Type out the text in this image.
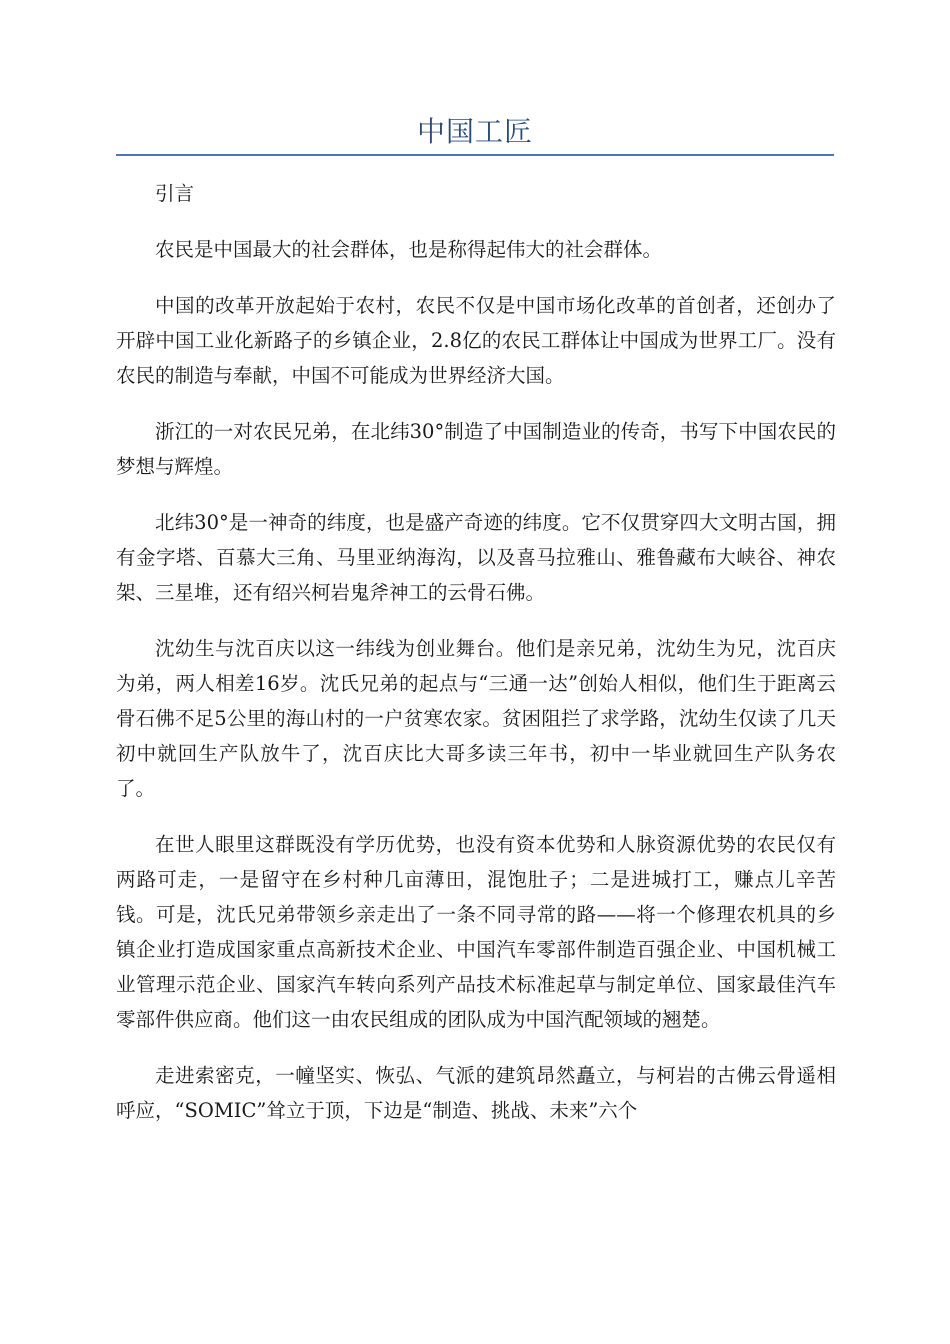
中国工匠

引言

农民是中国最大的社会群体，也是称得起伟大的社会群体。

中国的改革开放起始于农村，农民不仅是中国市场化改革的首创者，还创办了开辟中国工业化新路子的乡镇企业，2.8亿的农民工群体让中国成为世界工厂。没有农民的制造与奉献，中国不可能成为世界经济大国。

浙江的一对农民兄弟，在北纬30°制造了中国制造业的传奇，书写下中国农民的梦想与辉煌。

北纬30°是一神奇的纬度，也是盛产奇迹的纬度。它不仅贯穿四大文明古国，拥有金字塔、百慕大三角、马里亚纳海沟，以及喜马拉雅山、雅鲁藏布大峡谷、神农架、三星堆，还有绍兴柯岩鬼斧神工的云骨石佛。

沈幼生与沈百庆以这一纬线为创业舞台。他们是亲兄弟，沈幼生为兄，沈百庆为弟，两人相差16岁。沈氏兄弟的起点与“三通一达”创始人相似，他们生于距离云骨石佛不足5公里的海山村的一户贫寒农家。贫困阻拦了求学路，沈幼生仅读了几天初中就回生产队放牛了，沈百庆比大哥多读三年书，初中一毕业就回生产队务农了。

在世人眼里这群既没有学历优势，也没有资本优势和人脉资源优势的农民仅有两路可走，一是留守在乡村种几亩薄田，混饱肚子；二是进城打工，赚点儿辛苦钱。可是，沈氏兄弟带领乡亲走出了一条不同寻常的路——将一个修理农机具的乡镇企业打造成国家重点高新技术企业、中国汽车零部件制造百强企业、中国机械工业管理示范企业、国家汽车转向系列产品技术标准起草与制定单位、国家最佳汽车零部件供应商。他们这一由农民组成的团队成为中国汽配领域的翘楚。

走进索密克，一幢坚实、恢弘、气派的建筑昂然矗立，与柯岩的古佛云骨遥相呼应，“SOMIC”耸立于顶，下边是“制造、挑战、未来”六个
